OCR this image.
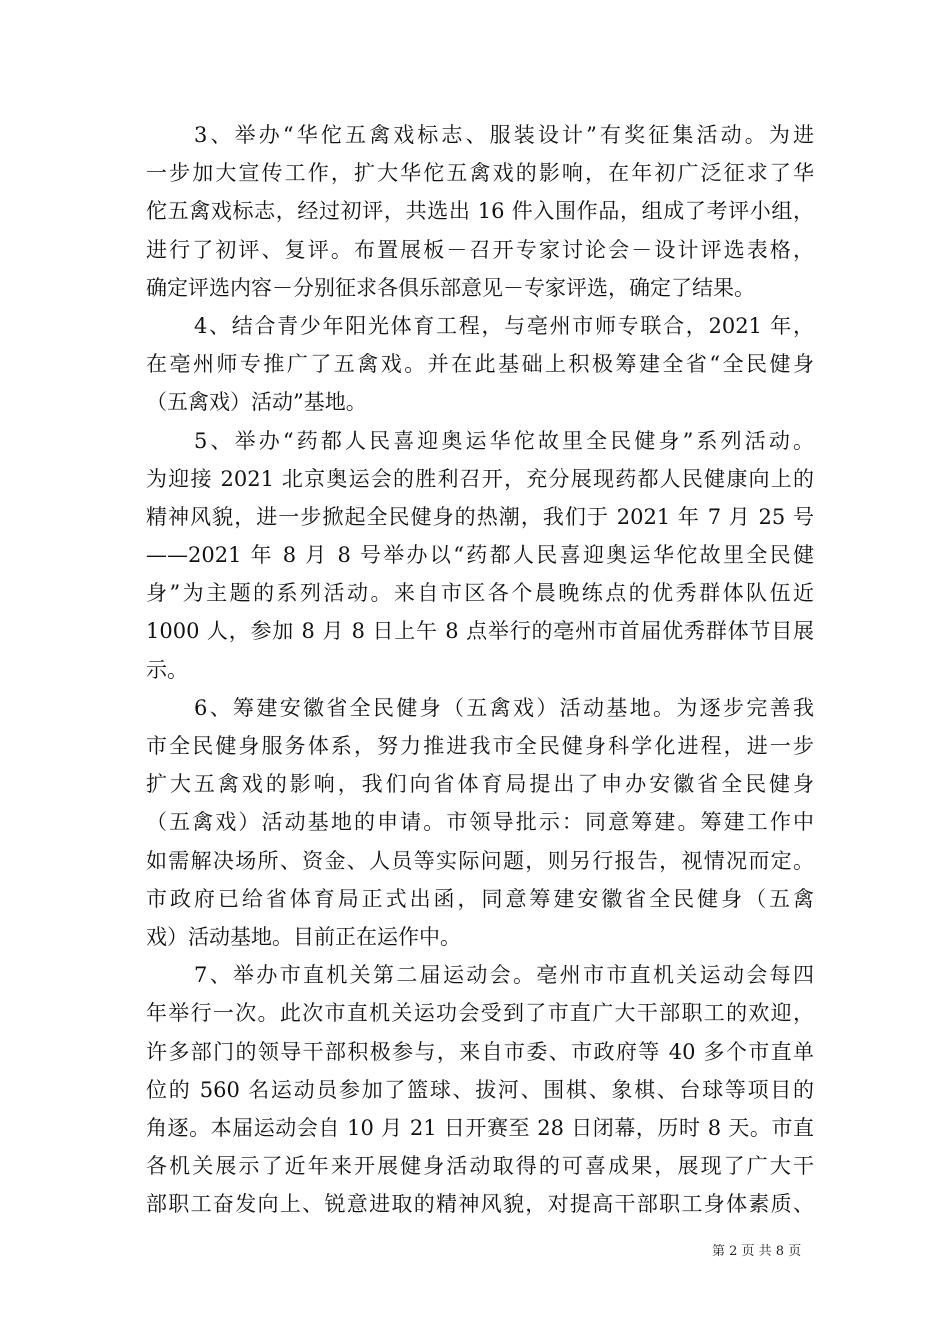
3、举办“华佗五禽戏标志、服装设计”有奖征集活动。为进
一步加大宣传工作，扩大华佗五禽戏的影响，在年初广泛征求了华
佗五禽戏标志，经过初评，共选出 16 件入围作品，组成了考评小组，
进行了初评、复评。布置展板－召开专家讨论会－设计评选表格，
确定评选内容－分别征求各俱乐部意见－专家评选，确定了结果。
4、结合青少年阳光体育工程，与亳州市师专联合，2021 年，
在亳州师专推广了五禽戏。并在此基础上积极筹建全省“全民健身
（五禽戏）活动”基地。
5、举办“药都人民喜迎奥运华佗故里全民健身”系列活动。
为迎接 2021 北京奥运会的胜利召开，充分展现药都人民健康向上的
精神风貌，进一步掀起全民健身的热潮，我们于 2021 年 7 月 25 号
——2021 年 8 月 8 号举办以“药都人民喜迎奥运华佗故里全民健
身”为主题的系列活动。来自市区各个晨晚练点的优秀群体队伍近
1000 人，参加 8 月 8 日上午 8 点举行的亳州市首届优秀群体节目展
示。
6、筹建安徽省全民健身（五禽戏）活动基地。为逐步完善我
市全民健身服务体系，努力推进我市全民健身科学化进程，进一步
扩大五禽戏的影响，我们向省体育局提出了申办安徽省全民健身
（五禽戏）活动基地的申请。市领导批示：同意筹建。筹建工作中
如需解决场所、资金、人员等实际问题，则另行报告，视情况而定。
市政府已给省体育局正式出函，同意筹建安徽省全民健身（五禽
戏）活动基地。目前正在运作中。
7、举办市直机关第二届运动会。亳州市市直机关运动会每四
年举行一次。此次市直机关运功会受到了市直广大干部职工的欢迎，
许多部门的领导干部积极参与，来自市委、市政府等 40 多个市直单
位的 560 名运动员参加了篮球、拔河、围棋、象棋、台球等项目的
角逐。本届运动会自 10 月 21 日开赛至 28 日闭幕，历时 8 天。市直
各机关展示了近年来开展健身活动取得的可喜成果，展现了广大干
部职工奋发向上、锐意进取的精神风貌，对提高干部职工身体素质、
第 2 页 共 8 页
